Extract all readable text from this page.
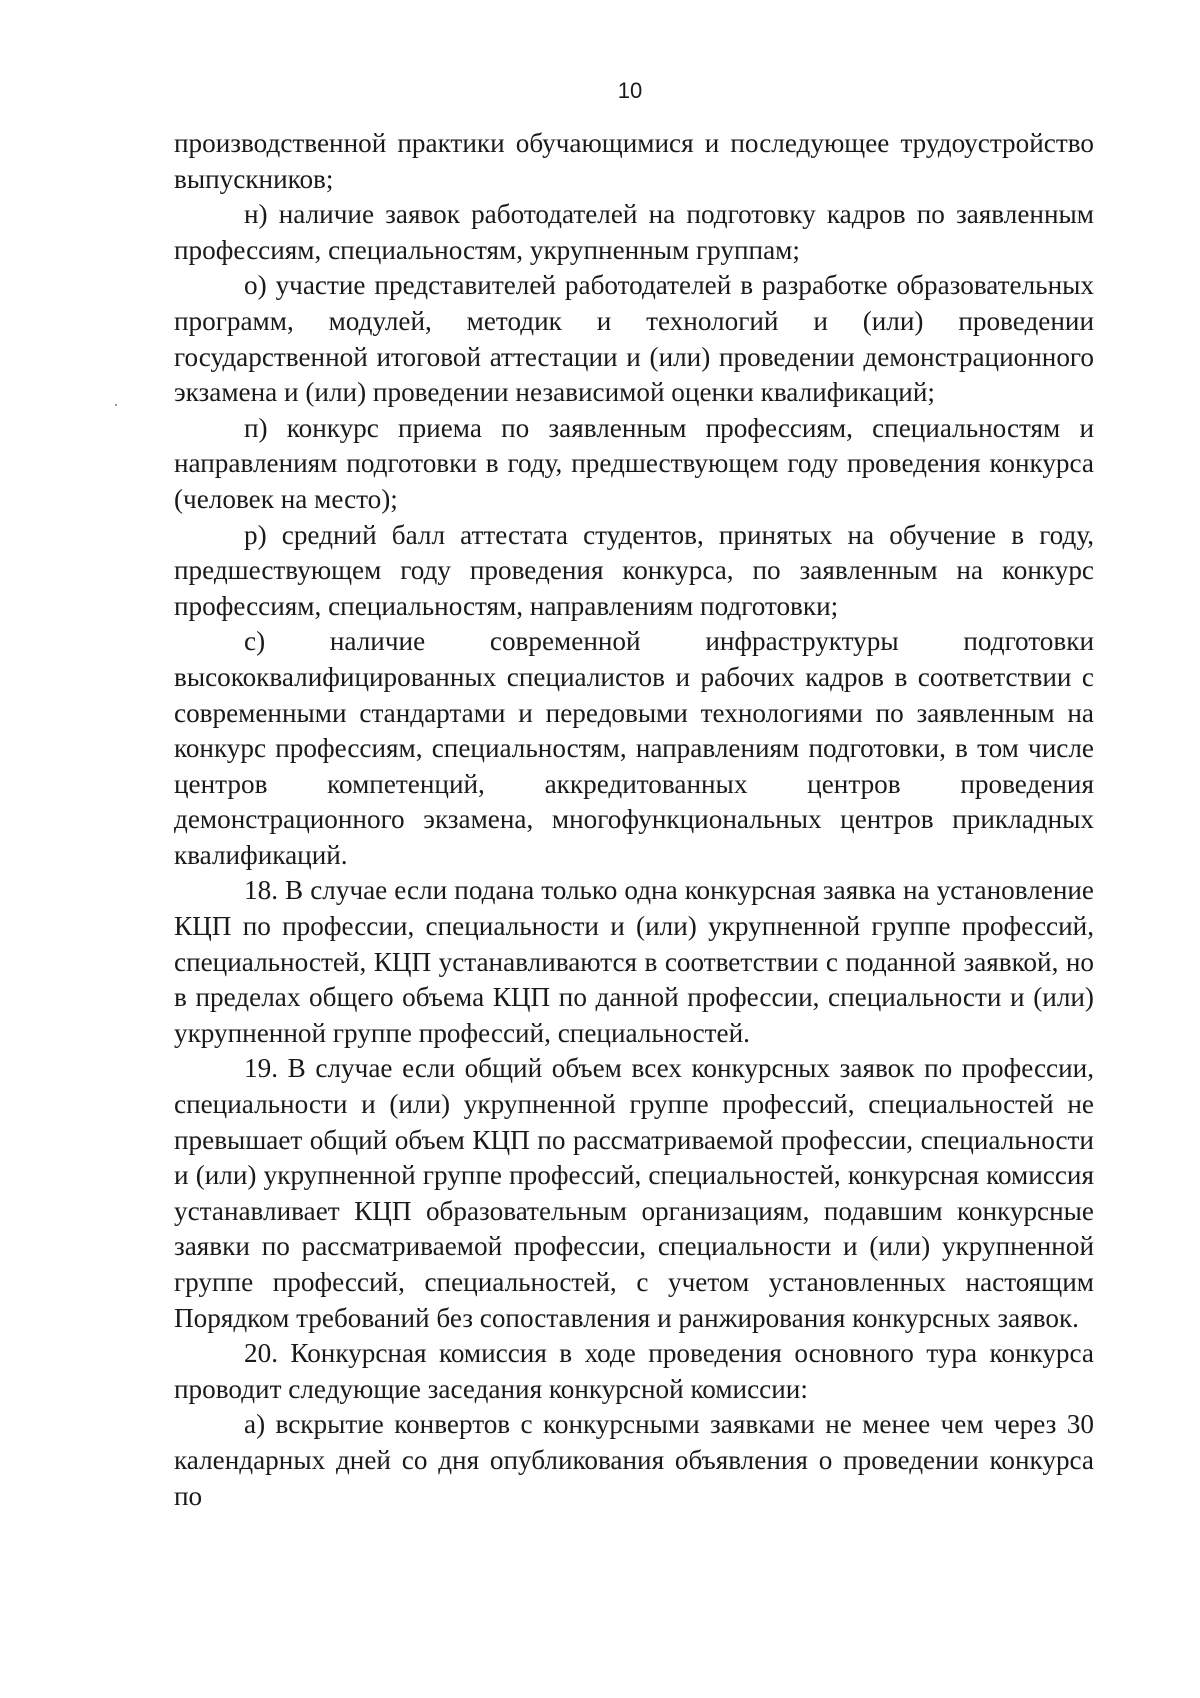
10

производственной практики обучающимися и последующее трудоустройство выпускников;

н) наличие заявок работодателей на подготовку кадров по заявленным профессиям, специальностям, укрупненным группам;

о) участие представителей работодателей в разработке образовательных программ, модулей, методик и технологий и (или) проведении государственной итоговой аттестации и (или) проведении демонстрационного экзамена и (или) проведении независимой оценки квалификаций;

п) конкурс приема по заявленным профессиям, специальностям и направлениям подготовки в году, предшествующем году проведения конкурса (человек на место);

р) средний балл аттестата студентов, принятых на обучение в году, предшествующем году проведения конкурса, по заявленным на конкурс профессиям, специальностям, направлениям подготовки;

с) наличие современной инфраструктуры подготовки высококвалифицированных специалистов и рабочих кадров в соответствии с современными стандартами и передовыми технологиями по заявленным на конкурс профессиям, специальностям, направлениям подготовки, в том числе центров компетенций, аккредитованных центров проведения демонстрационного экзамена, многофункциональных центров прикладных квалификаций.

18. В случае если подана только одна конкурсная заявка на установление КЦП по профессии, специальности и (или) укрупненной группе профессий, специальностей, КЦП устанавливаются в соответствии с поданной заявкой, но в пределах общего объема КЦП по данной профессии, специальности и (или) укрупненной группе профессий, специальностей.

19. В случае если общий объем всех конкурсных заявок по профессии, специальности и (или) укрупненной группе профессий, специальностей не превышает общий объем КЦП по рассматриваемой профессии, специальности и (или) укрупненной группе профессий, специальностей, конкурсная комиссия устанавливает КЦП образовательным организациям, подавшим конкурсные заявки по рассматриваемой профессии, специальности и (или) укрупненной группе профессий, специальностей, с учетом установленных настоящим Порядком требований без сопоставления и ранжирования конкурсных заявок.

20. Конкурсная комиссия в ходе проведения основного тура конкурса проводит следующие заседания конкурсной комиссии:

а) вскрытие конвертов с конкурсными заявками не менее чем через 30 календарных дней со дня опубликования объявления о проведении конкурса по
